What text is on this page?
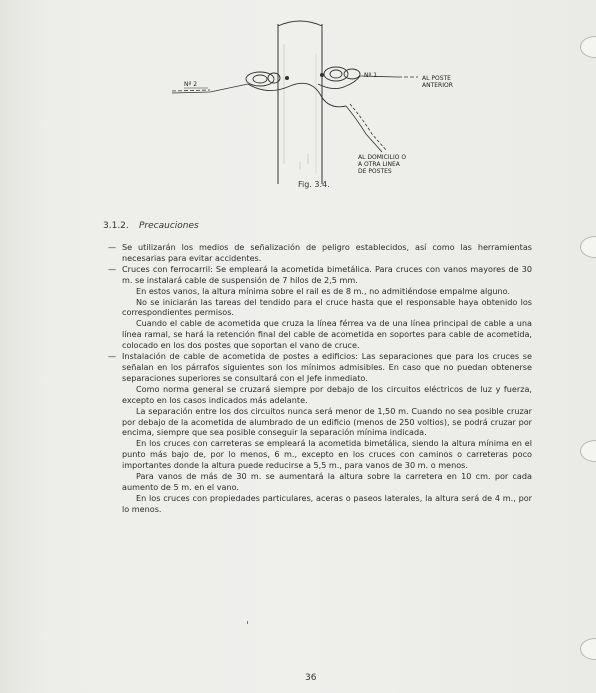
Nº 2
Nº 1	AL POSTE
ANTERIOR
AL DOMICILIO O
A OTRA LINEA
DE POSTES
Fig. 3.4.
3.1.2. Precauciones

— Se utilizarán los medios de señalización de peligro establecidos, así como las herramientas necesarias para evitar accidentes.

— Cruces con ferrocarril: Se empleará la acometida bimetálica. Para cruces con vanos mayores de 30 m. se instalará cable de suspensión de 7 hilos de 2,5 mm.

En estos vanos, la altura mínima sobre el rail es de 8 m., no admitiéndose empalme alguno.

No se iniciarán las tareas del tendido para el cruce hasta que el responsable haya obtenido los correspondientes permisos.

Cuando el cable de acometida que cruza la línea férrea va de una línea principal de cable a una línea ramal, se hará la retención final del cable de acometida en soportes para cable de acometida, colocado en los dos postes que soportan el vano de cruce.

— Instalación de cable de acometida de postes a edificios: Las separaciones que para los cruces se señalan en los párrafos siguientes son los mínimos admisibles. En caso que no puedan obtenerse separaciones superiores se consultará con el Jefe inmediato.

Como norma general se cruzará siempre por debajo de los circuitos eléctricos de luz y fuerza, excepto en los casos indicados más adelante.

La separación entre los dos circuitos nunca será menor de 1,50 m. Cuando no sea posible cruzar por debajo de la acometida de alumbrado de un edificio (menos de 250 voltios), se podrá cruzar por encima, siempre que sea posible conseguir la separación mínima indicada.

En los cruces con carreteras se empleará la acometida bimetálica, siendo la altura mínima en el punto más bajo de, por lo menos, 6 m., excepto en los cruces con caminos o carreteras poco importantes donde la altura puede reducirse a 5,5 m., para vanos de 30 m. o menos.

Para vanos de más de 30 m. se aumentará la altura sobre la carretera en 10 cm. por cada aumento de 5 m. en el vano.

En los cruces con propiedades particulares, aceras o paseos laterales, la altura será de 4 m., por lo menos.

36
